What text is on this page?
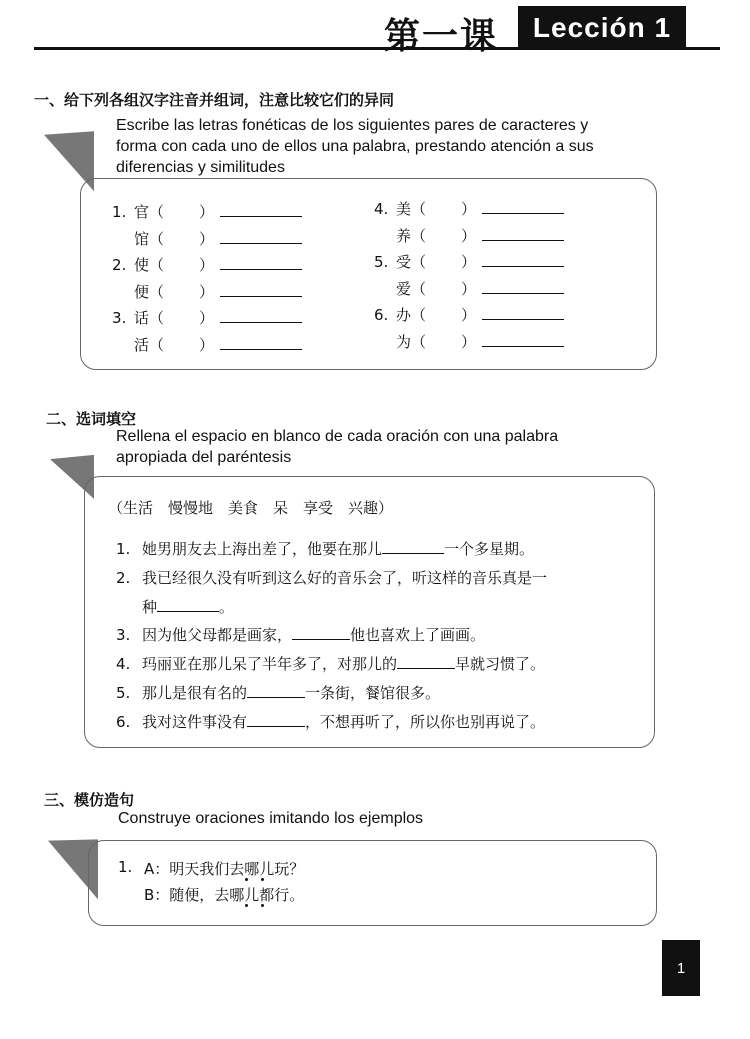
第一课	Lección 1
一、给下列各组汉字注音并组词，注意比较它们的异同
Escribe las letras fonéticas de los siguientes pares de caracteres y
forma con cada uno de ellos una palabra, prestando atención a sus
diferencias y similitudes
1. 官（ ）
馆（ ）
2. 使（ ）
便（ ）
3. 话（ ）
活（ ）
4. 美（ ）
养（ ）
5. 受（ ）
爱（ ）
6. 办（ ）
为（ ）
二、选词填空
Rellena el espacio en blanco de cada oración con una palabra
apropiada del paréntesis
（生活　慢慢地　美食　呆　享受　兴趣）
1. 她男朋友去上海出差了，他要在那儿	一个多星期。
2. 我已经很久没有听到这么好的音乐会了，听这样的音乐真是一
种	。
3. 因为他父母都是画家，	他也喜欢上了画画。
4. 玛丽亚在那儿呆了半年多了，对那儿的	早就习惯了。
5. 那儿是很有名的	一条街，餐馆很多。
6. 我对这件事没有	，不想再听了，所以你也别再说了。
三、模仿造句
Construye oraciones imitando los ejemplos
1. A：明天我们去哪儿玩？
B：随便，去哪儿都行。
1
